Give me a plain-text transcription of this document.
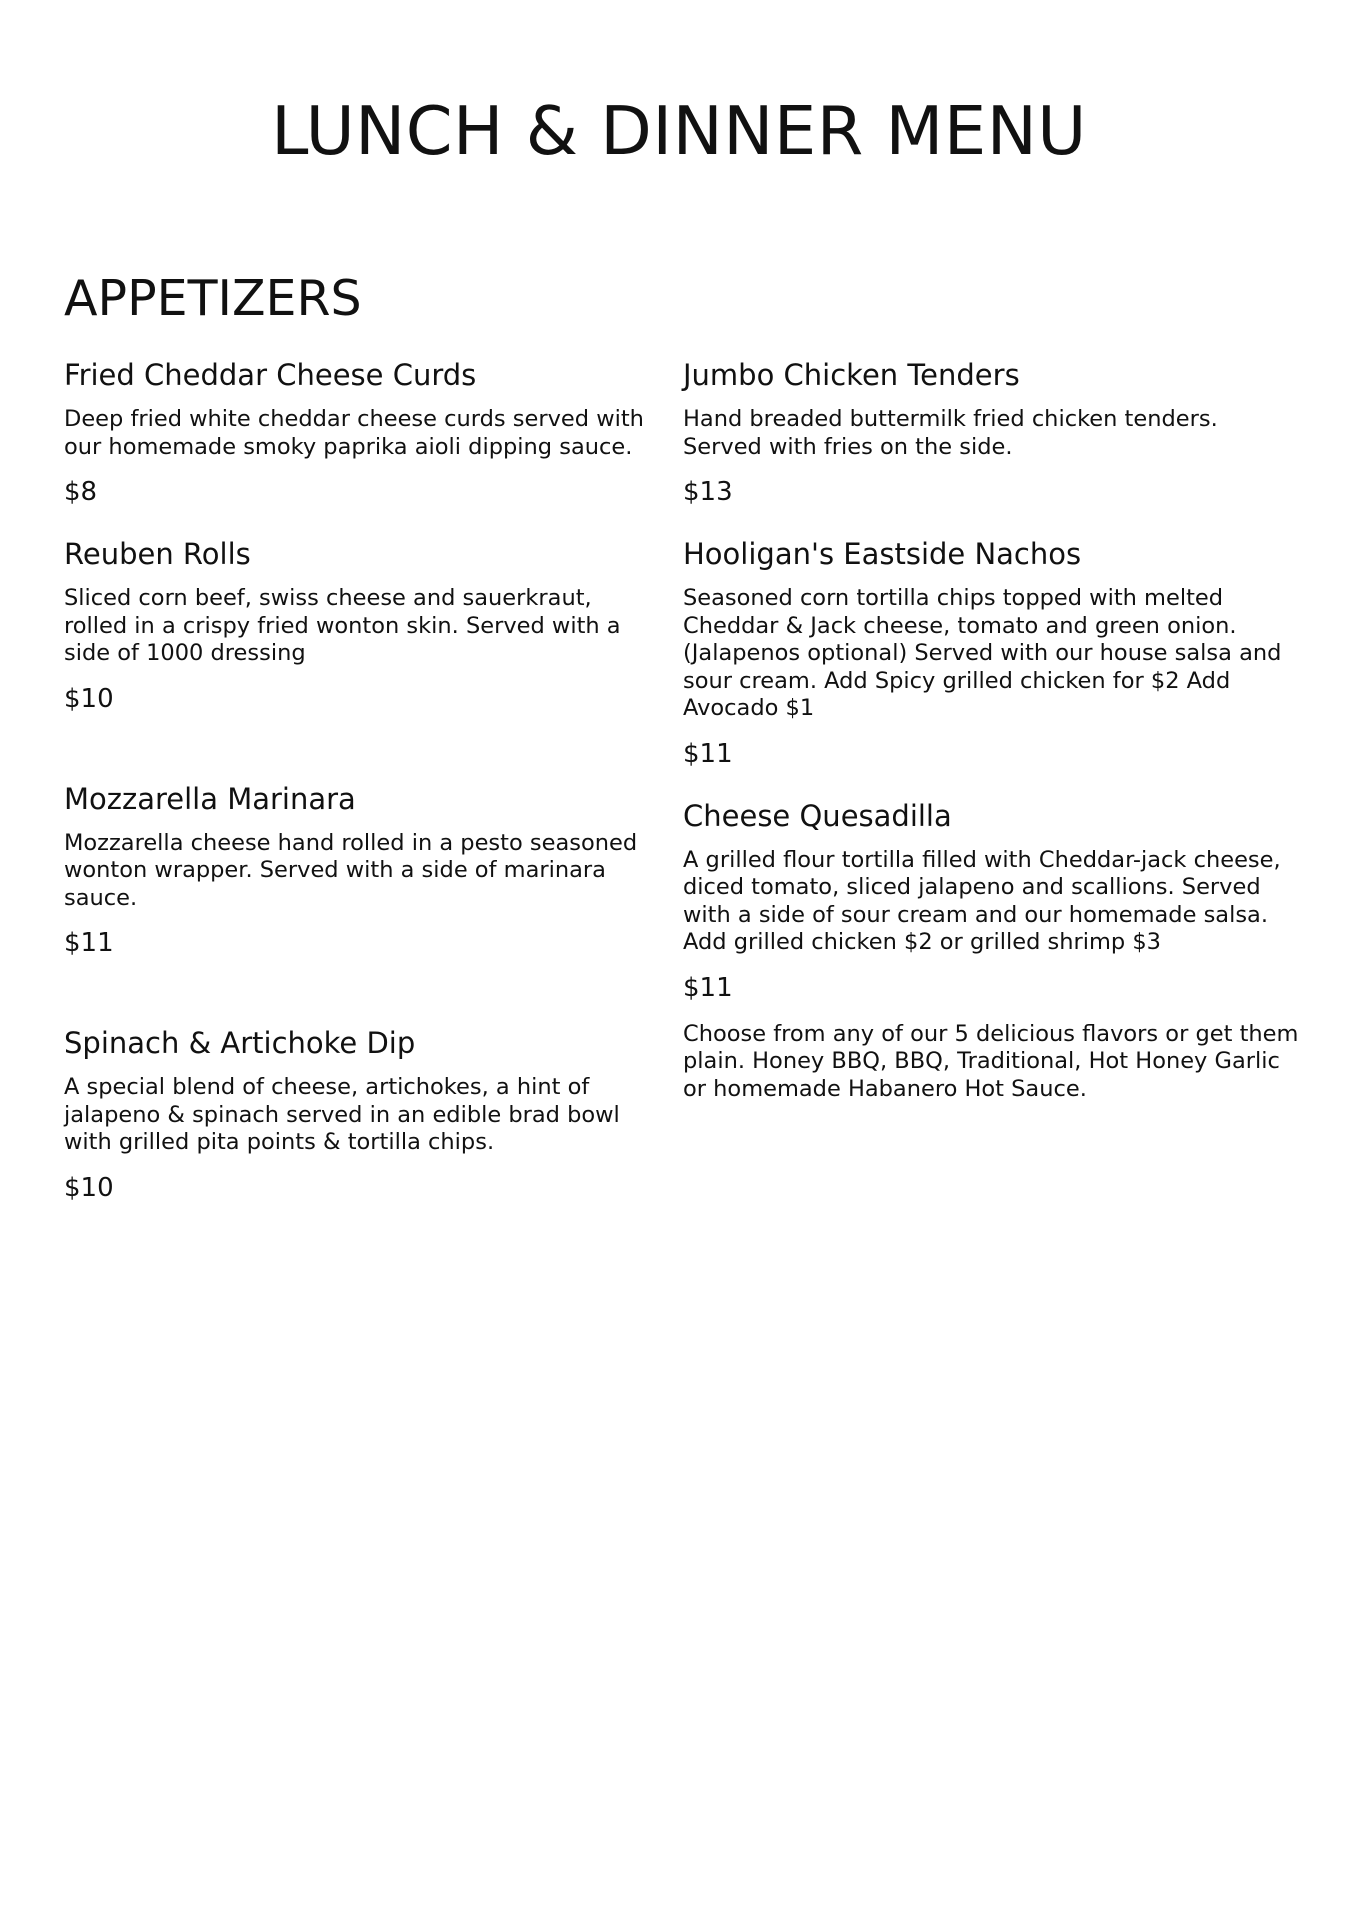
LUNCH & DINNER MENU
APPETIZERS
Fried Cheddar Cheese Curds
Deep fried white cheddar cheese curds served with our homemade smoky paprika aioli dipping sauce.
$8
Reuben Rolls
Sliced corn beef, swiss cheese and sauerkraut, rolled in a crispy fried wonton skin. Served with a side of 1000 dressing
$10
Mozzarella Marinara
Mozzarella cheese hand rolled in a pesto seasoned wonton wrapper. Served with a side of marinara sauce.
$11
Spinach & Artichoke Dip
A special blend of cheese, artichokes, a hint of jalapeno & spinach served in an edible brad bowl with grilled pita points & tortilla chips.
$10
Jumbo Chicken Tenders
Hand breaded buttermilk fried chicken tenders. Served with fries on the side.
$13
Hooligan's Eastside Nachos
Seasoned corn tortilla chips topped with melted Cheddar & Jack cheese, tomato and green onion. (Jalapenos optional) Served with our house salsa and sour cream. Add Spicy grilled chicken for $2 Add Avocado $1
$11
Cheese Quesadilla
A grilled flour tortilla filled with Cheddar-jack cheese, diced tomato, sliced jalapeno and scallions. Served with a side of sour cream and our homemade salsa. Add grilled chicken $2 or grilled shrimp $3
$11
Choose from any of our 5 delicious flavors or get them plain. Honey BBQ, BBQ, Traditional, Hot Honey Garlic or homemade Habanero Hot Sauce.
